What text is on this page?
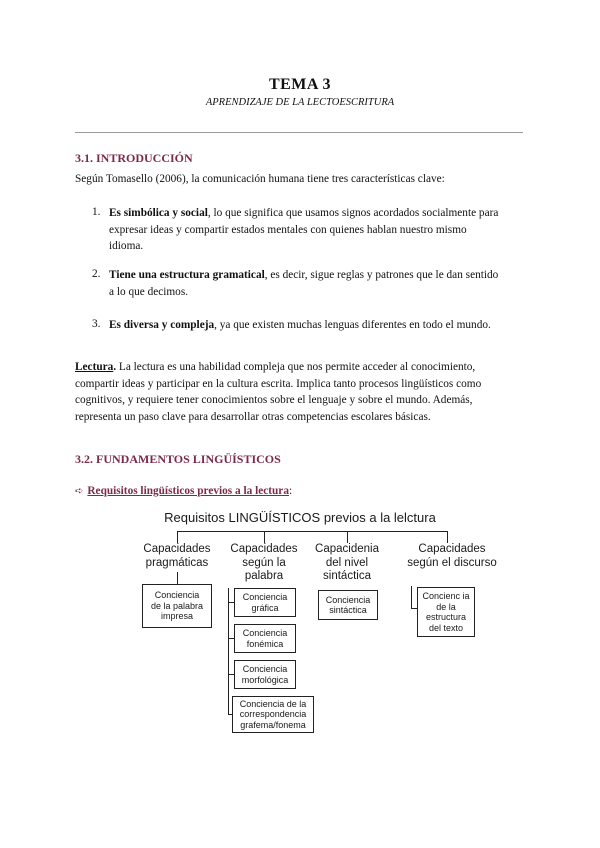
TEMA 3
APRENDIZAJE DE LA LECTOESCRITURA
3.1. INTRODUCCIÓN
Según Tomasello (2006), la comunicación humana tiene tres características clave:
1. Es simbólica y social, lo que significa que usamos signos acordados socialmente para
expresar ideas y compartir estados mentales con quienes hablan nuestro mismo
idioma.
2. Tiene una estructura gramatical, es decir, sigue reglas y patrones que le dan sentido
a lo que decimos.
3. Es diversa y compleja, ya que existen muchas lenguas diferentes en todo el mundo.
Lectura. La lectura es una habilidad compleja que nos permite acceder al conocimiento,
compartir ideas y participar en la cultura escrita. Implica tanto procesos lingüísticos como
cognitivos, y requiere tener conocimientos sobre el lenguaje y sobre el mundo. Además,
representa un paso clave para desarrollar otras competencias escolares básicas.
3.2. FUNDAMENTOS LINGÜÍSTICOS
➪ Requisitos lingüísticos previos a la lectura:
Requisitos LINGÜÍSTICOS previos a la lelctura
Capacidades
pragmáticas
Conciencia
de la palabra
impresa
Capacidades
según la
palabra
Conciencia
gráfica
Conciencia
fonémica
Conciencia
morfológica
Conciencia de la
correspondencia
grafema/fonema
Capacidenia
del nivel
sintáctica
Conciencia
sintáctica
Capacidades
según el discurso
Concienc ia
de la
estructura
del texto
